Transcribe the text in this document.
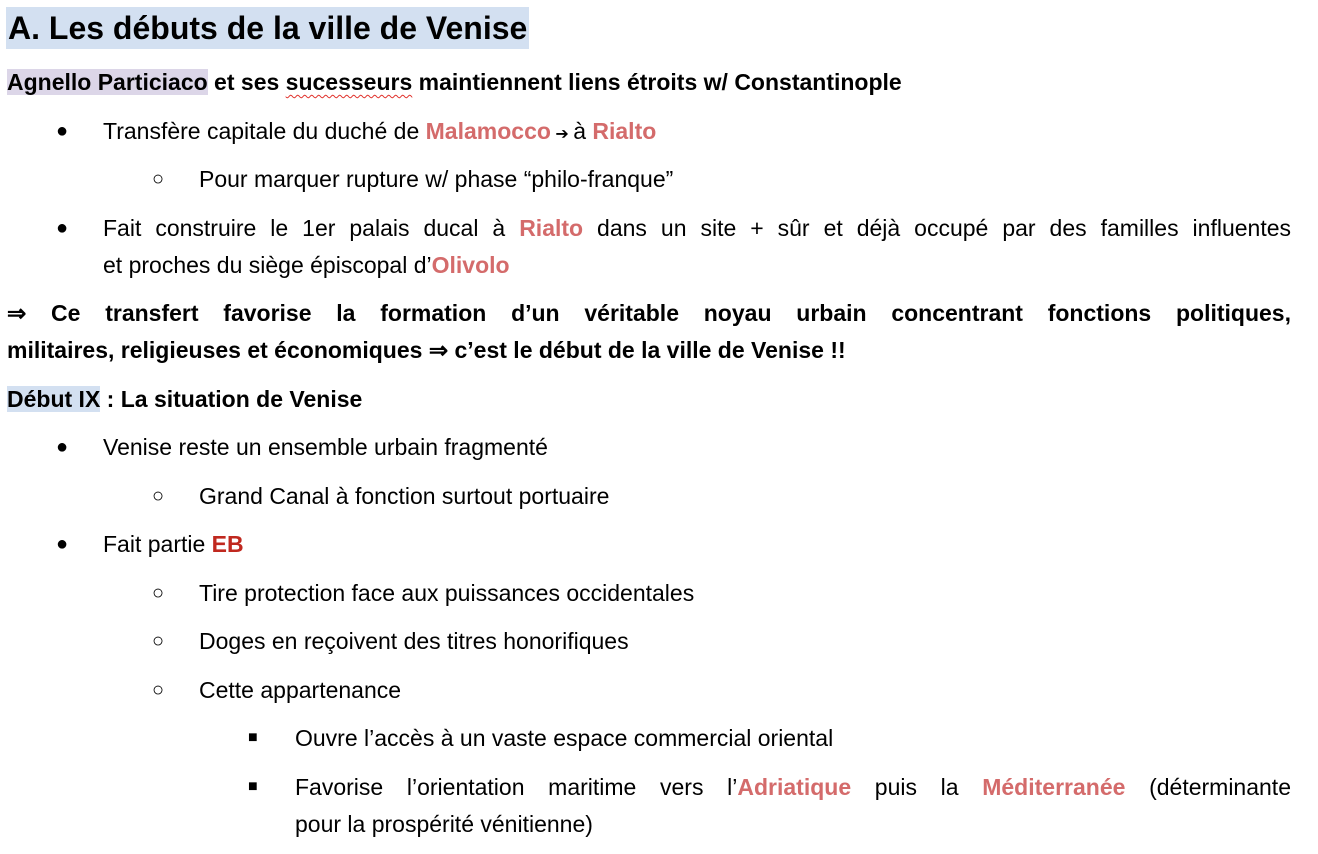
A. Les débuts de la ville de Venise
Agnello Particiaco et ses sucesseurs maintiennent liens étroits w/ Constantinople
● Transfère capitale du duché de Malamocco ➔ à Rialto
○ Pour marquer rupture w/ phase “philo-franque”
● Fait construire le 1er palais ducal à Rialto dans un site + sûr et déjà occupé par des familles influentes
et proches du siège épiscopal d’Olivolo
⇒ Ce transfert favorise la formation d’un véritable noyau urbain concentrant fonctions politiques,
militaires, religieuses et économiques ⇒ c’est le début de la ville de Venise !!
Début IX : La situation de Venise
● Venise reste un ensemble urbain fragmenté
○ Grand Canal à fonction surtout portuaire
● Fait partie EB
○ Tire protection face aux puissances occidentales
○ Doges en reçoivent des titres honorifiques
○ Cette appartenance
■ Ouvre l’accès à un vaste espace commercial oriental
■ Favorise l’orientation maritime vers l’Adriatique puis la Méditerranée (déterminante
pour la prospérité vénitienne)
